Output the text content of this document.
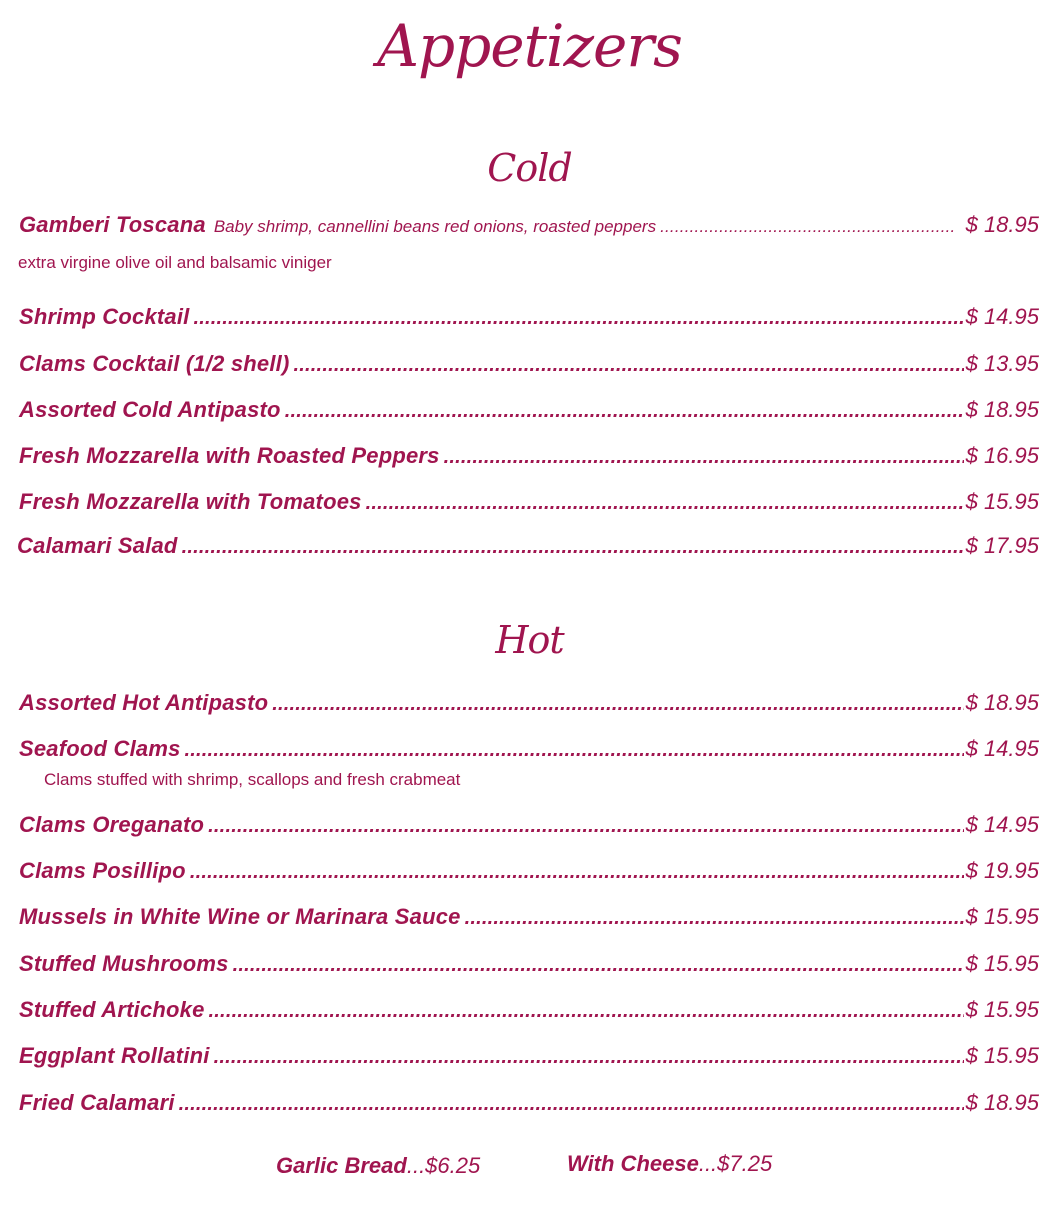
Appetizers
Cold
Gamberi Toscana Baby shrimp, cannellini beans red onions, roasted peppers .....	$ 18.95
extra virgine olive oil and balsamic viniger
Shrimp Cocktail .....	$ 14.95
Clams Cocktail (1/2 shell) .....	$ 13.95
Assorted Cold Antipasto .....	$ 18.95
Fresh Mozzarella with Roasted Peppers .....	$ 16.95
Fresh Mozzarella with Tomatoes .....	$ 15.95
Calamari Salad .....	$ 17.95
Hot
Assorted Hot Antipasto .....	$ 18.95
Seafood Clams .....	$ 14.95
Clams stuffed with shrimp, scallops and fresh crabmeat
Clams Oreganato .....	$ 14.95
Clams Posillipo .....	$ 19.95
Mussels in White Wine or Marinara Sauce .....	$ 15.95
Stuffed Mushrooms .....	$ 15.95
Stuffed Artichoke .....	$ 15.95
Eggplant Rollatini .....	$ 15.95
Fried Calamari .....	$ 18.95
Garlic Bread...$6.25	With Cheese...$7.25
